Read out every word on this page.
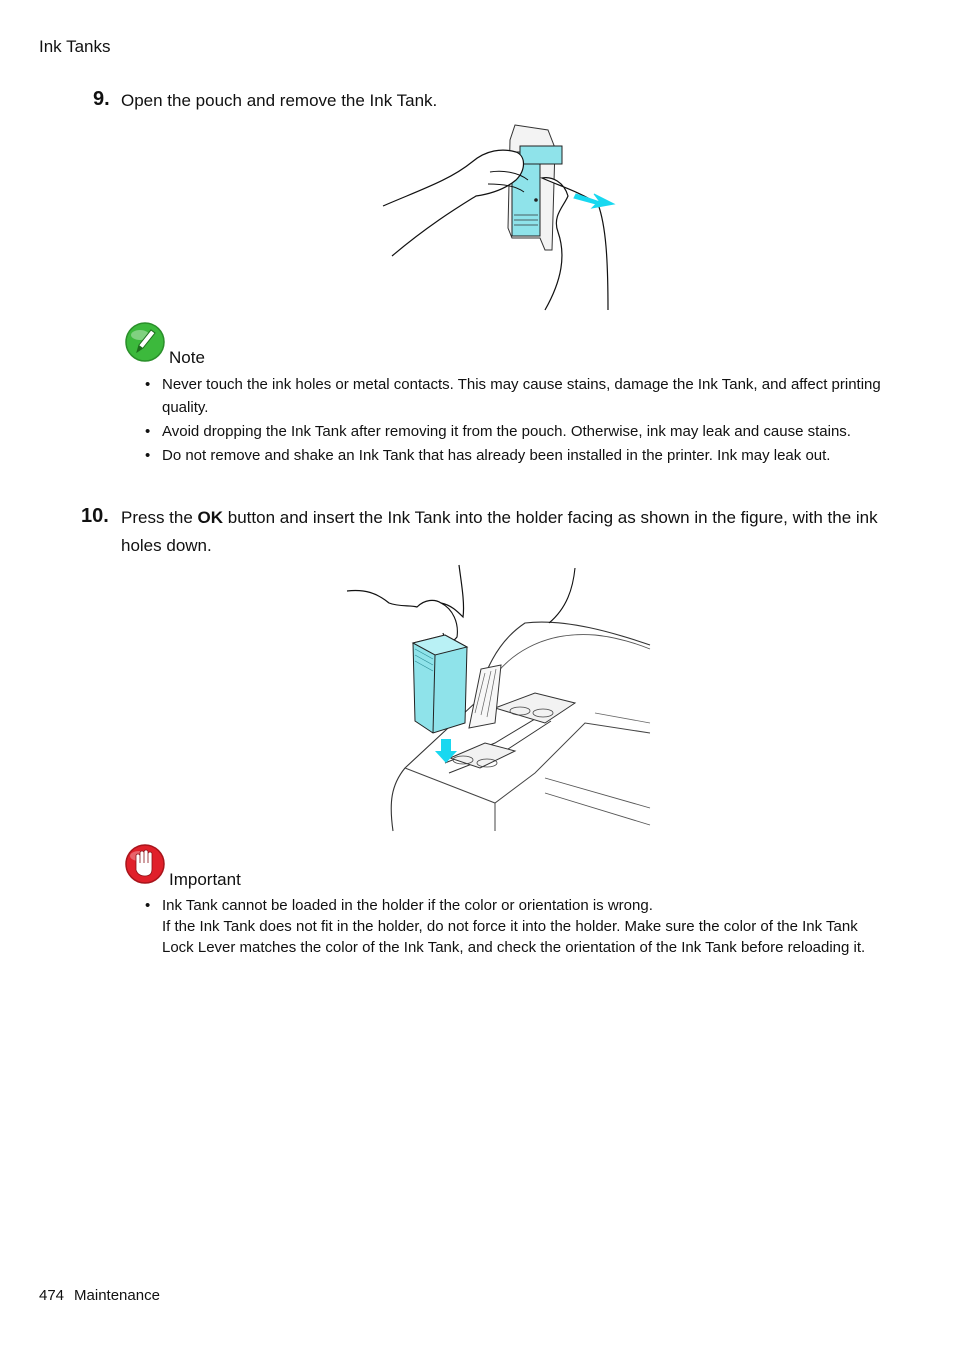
Ink Tanks
9. Open the pouch and remove the Ink Tank.
Note
• Never touch the ink holes or metal contacts. This may cause stains, damage the Ink Tank, and affect printing quality.
• Avoid dropping the Ink Tank after removing it from the pouch. Otherwise, ink may leak and cause stains.
• Do not remove and shake an Ink Tank that has already been installed in the printer. Ink may leak out.
10. Press the OK button and insert the Ink Tank into the holder facing as shown in the figure, with the ink holes down.
Important
• Ink Tank cannot be loaded in the holder if the color or orientation is wrong.
If the Ink Tank does not fit in the holder, do not force it into the holder. Make sure the color of the Ink Tank Lock Lever matches the color of the Ink Tank, and check the orientation of the Ink Tank before reloading it.
474 Maintenance
